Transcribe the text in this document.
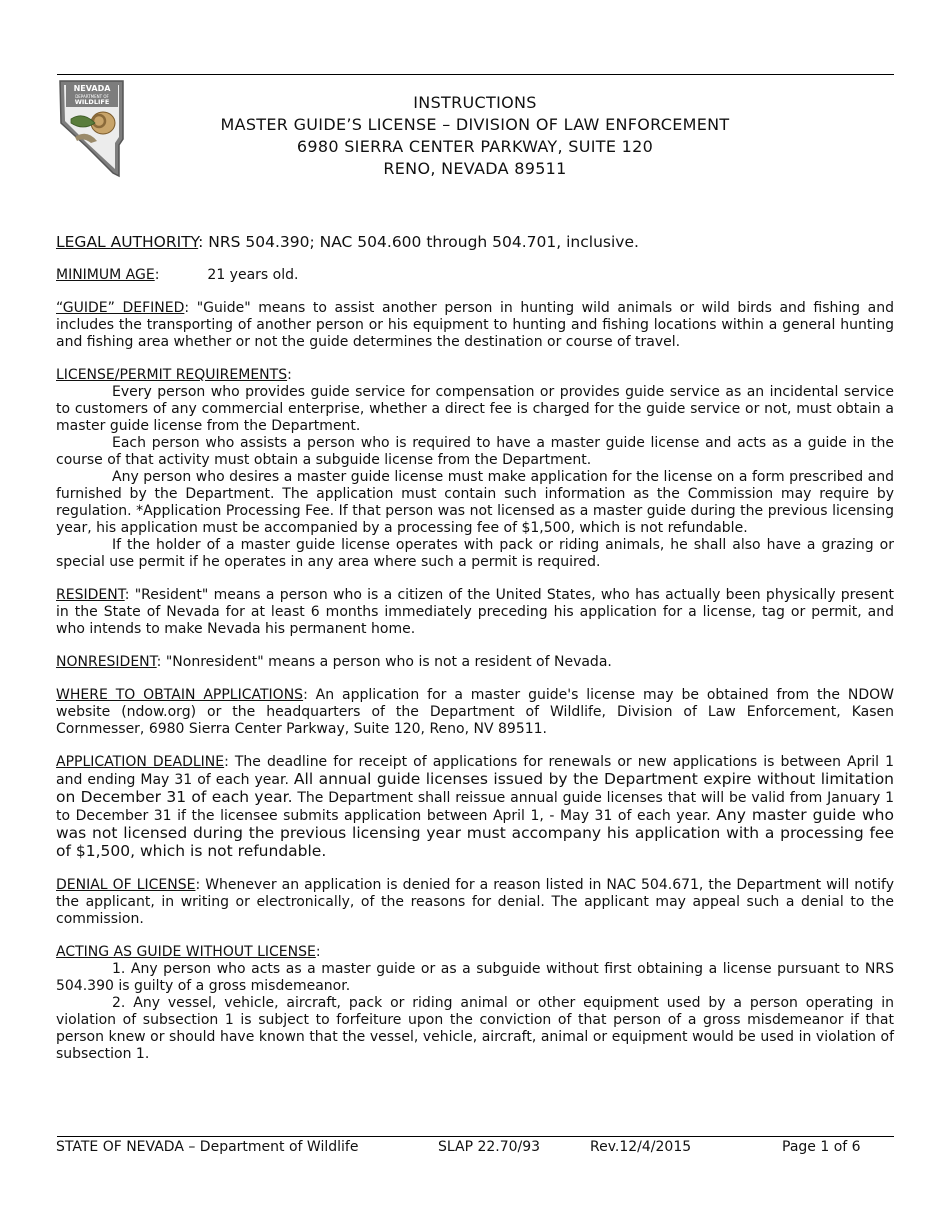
NEVADA
DEPARTMENT OF
WILDLIFE	INSTRUCTIONS
MASTER GUIDE’S LICENSE – DIVISION OF LAW ENFORCEMENT
6980 SIERRA CENTER PARKWAY, SUITE 120
RENO, NEVADA 89511
LEGAL AUTHORITY: NRS 504.390; NAC 504.600 through 504.701, inclusive.
MINIMUM AGE:	21 years old.

“GUIDE” DEFINED: "Guide" means to assist another person in hunting wild animals or wild birds and fishing and includes the transporting of another person or his equipment to hunting and fishing locations within a general hunting and fishing area whether or not the guide determines the destination or course of travel.

LICENSE/PERMIT REQUIREMENTS:

Every person who provides guide service for compensation or provides guide service as an incidental service to customers of any commercial enterprise, whether a direct fee is charged for the guide service or not, must obtain a master guide license from the Department.

Each person who assists a person who is required to have a master guide license and acts as a guide in the course of that activity must obtain a subguide license from the Department.

Any person who desires a master guide license must make application for the license on a form prescribed and furnished by the Department. The application must contain such information as the Commission may require by regulation. *Application Processing Fee. If that person was not licensed as a master guide during the previous licensing year, his application must be accompanied by a processing fee of $1,500, which is not refundable.

If the holder of a master guide license operates with pack or riding animals, he shall also have a grazing or special use permit if he operates in any area where such a permit is required.

RESIDENT: "Resident" means a person who is a citizen of the United States, who has actually been physically present in the State of Nevada for at least 6 months immediately preceding his application for a license, tag or permit, and who intends to make Nevada his permanent home.

NONRESIDENT: "Nonresident" means a person who is not a resident of Nevada.

WHERE TO OBTAIN APPLICATIONS: An application for a master guide's license may be obtained from the NDOW website (ndow.org) or the headquarters of the Department of Wildlife, Division of Law Enforcement, Kasen Cornmesser, 6980 Sierra Center Parkway, Suite 120, Reno, NV 89511.

APPLICATION DEADLINE: The deadline for receipt of applications for renewals or new applications is between April 1 and ending May 31 of each year. All annual guide licenses issued by the Department expire without limitation on December 31 of each year. The Department shall reissue annual guide licenses that will be valid from January 1 to December 31 if the licensee submits application between April 1, - May 31 of each year. Any master guide who was not licensed during the previous licensing year must accompany his application with a processing fee of $1,500, which is not refundable.

DENIAL OF LICENSE: Whenever an application is denied for a reason listed in NAC 504.671, the Department will notify the applicant, in writing or electronically, of the reasons for denial. The applicant may appeal such a denial to the commission.

ACTING AS GUIDE WITHOUT LICENSE:

1. Any person who acts as a master guide or as a subguide without first obtaining a license pursuant to NRS 504.390 is guilty of a gross misdemeanor.

2. Any vessel, vehicle, aircraft, pack or riding animal or other equipment used by a person operating in violation of subsection 1 is subject to forfeiture upon the conviction of that person of a gross misdemeanor if that person knew or should have known that the vessel, vehicle, aircraft, animal or equipment would be used in violation of subsection 1.

STATE OF NEVADA – Department of Wildlife	SLAP 22.70/93	Rev.12/4/2015	Page 1 of 6
